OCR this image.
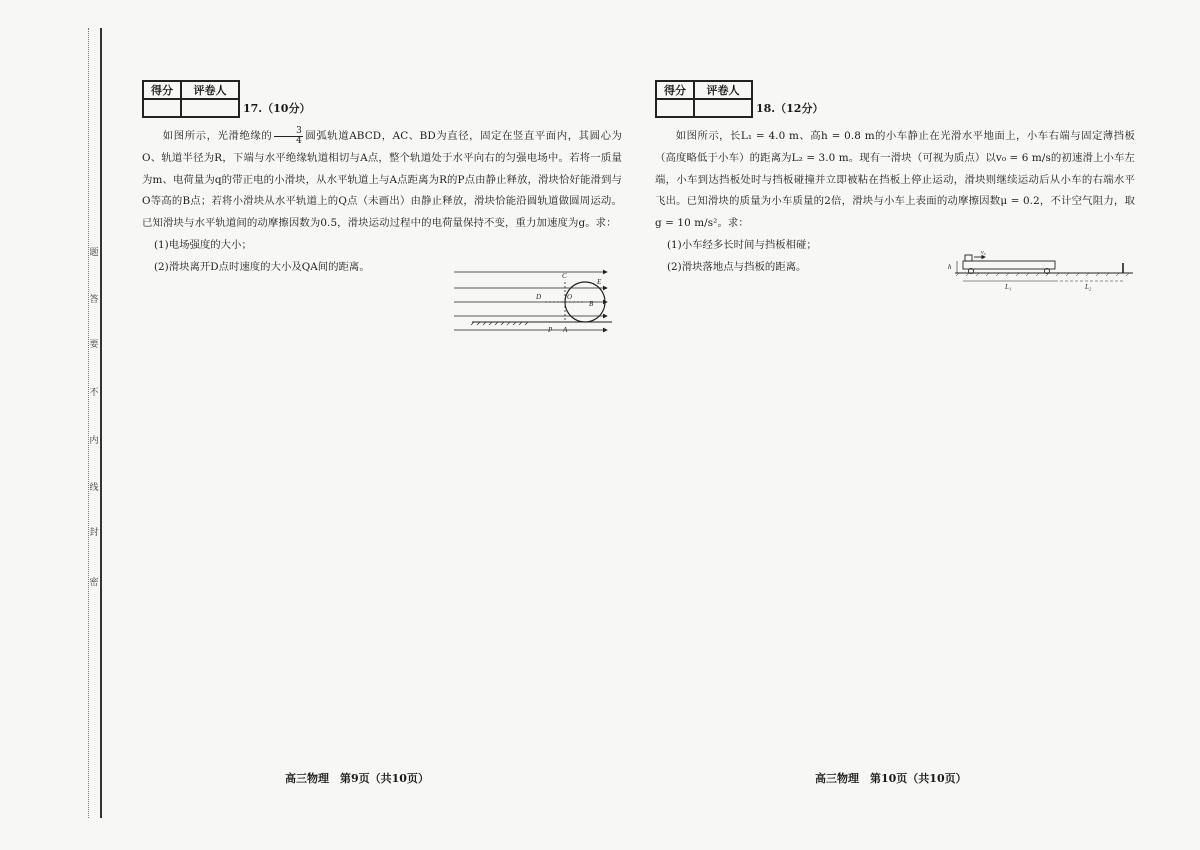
密
封
线
内
不
要
答
题
得分	评卷人
17.（10分）

如图所示，光滑绝缘的 $\frac{3}{4}$ 圆弧轨道ABCD，AC、BD为直径，固定在竖直平面内，其圆心为O、轨道半径为R，下端与水平绝缘轨道相切与A点，整个轨道处于水平向右的匀强电场中。若将一质量为m、电荷量为q的带正电的小滑块，从水平轨道上与A点距离为R的P点由静止释放，滑块恰好能滑到与O等高的B点；若将小滑块从水平轨道上的Q点（未画出）由静止释放，滑块恰能沿圆轨道做圆周运动。已知滑块与水平轨道间的动摩擦因数为0.5，滑块运动过程中的电荷量保持不变，重力加速度为g。求：

(1)电场强度的大小；

(2)滑块离开D点时速度的大小及QA间的距离。

C
E
D	O
B
P A
得分	评卷人
18.（12分）

如图所示，长L₁ = 4.0 m、高h = 0.8 m的小车静止在光滑水平地面上，小车右端与固定薄挡板（高度略低于小车）的距离为L₂ = 3.0 m。现有一滑块（可视为质点）以v₀ = 6 m/s的初速滑上小车左端，小车到达挡板处时与挡板碰撞并立即被粘在挡板上停止运动，滑块则继续运动后从小车的右端水平飞出。已知滑块的质量为小车质量的2倍，滑块与小车上表面的动摩擦因数μ = 0.2，不计空气阻力，取g = 10 m/s²。求：

(1)小车经多长时间与挡板相碰；

(2)滑块落地点与挡板的距离。	h
v₀
L₁	L₂
高三物理　第9页（共10页）	高三物理　第10页（共10页）
